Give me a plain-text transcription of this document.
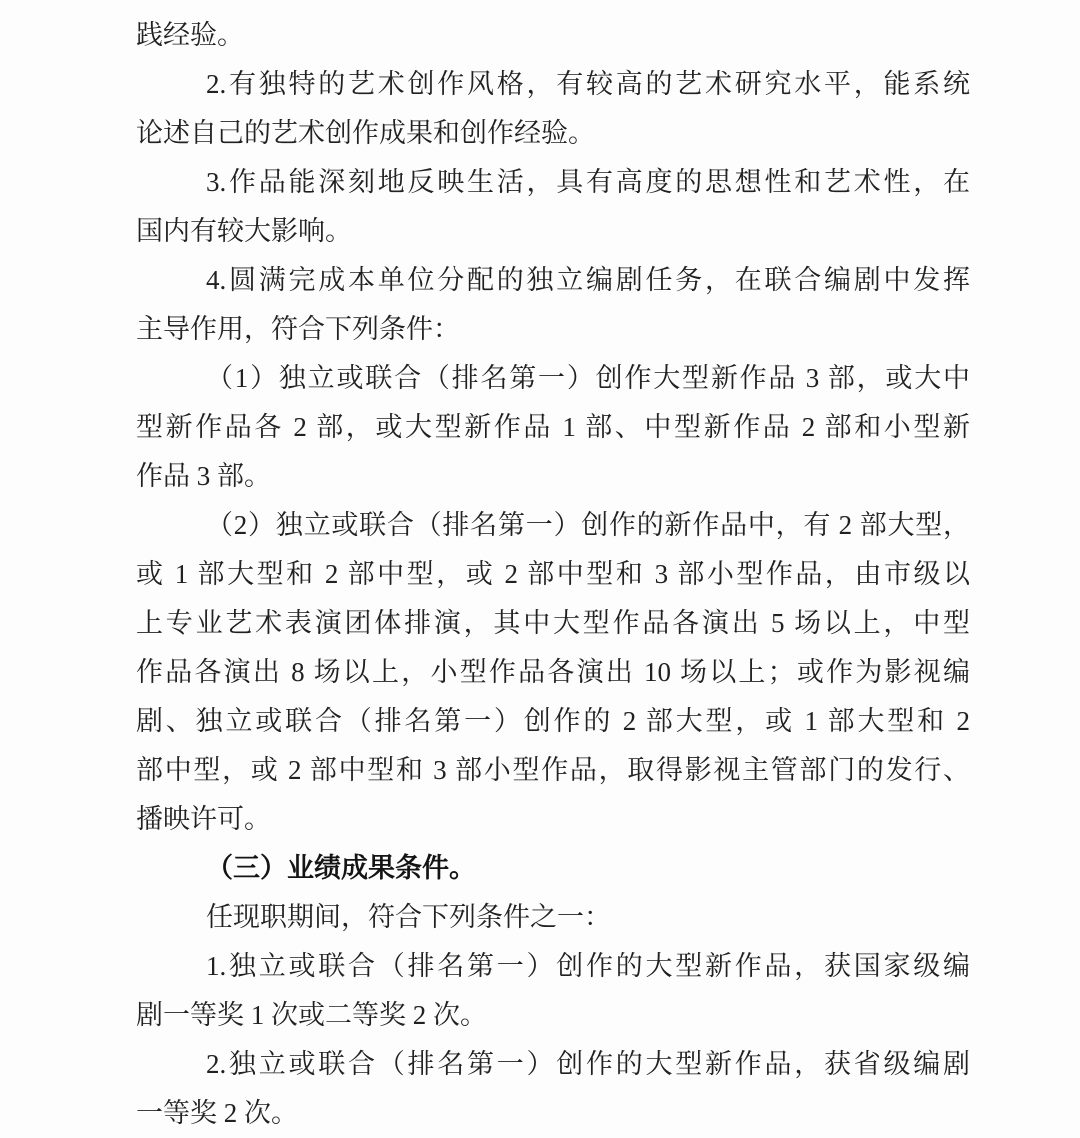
践经验。
2.有独特的艺术创作风格，有较高的艺术研究水平，能系统
论述自己的艺术创作成果和创作经验。
3.作品能深刻地反映生活，具有高度的思想性和艺术性，在
国内有较大影响。
4.圆满完成本单位分配的独立编剧任务，在联合编剧中发挥
主导作用，符合下列条件：
（1）独立或联合（排名第一）创作大型新作品 3 部，或大中
型新作品各 2 部，或大型新作品 1 部、中型新作品 2 部和小型新
作品 3 部。
（2）独立或联合（排名第一）创作的新作品中，有 2 部大型，
或 1 部大型和 2 部中型，或 2 部中型和 3 部小型作品，由市级以
上专业艺术表演团体排演，其中大型作品各演出 5 场以上，中型
作品各演出 8 场以上，小型作品各演出 10 场以上；或作为影视编
剧、独立或联合（排名第一）创作的 2 部大型，或 1 部大型和 2
部中型，或 2 部中型和 3 部小型作品，取得影视主管部门的发行、
播映许可。
（三）业绩成果条件。
任现职期间，符合下列条件之一：
1.独立或联合（排名第一）创作的大型新作品，获国家级编
剧一等奖 1 次或二等奖 2 次。
2.独立或联合（排名第一）创作的大型新作品，获省级编剧
一等奖 2 次。
